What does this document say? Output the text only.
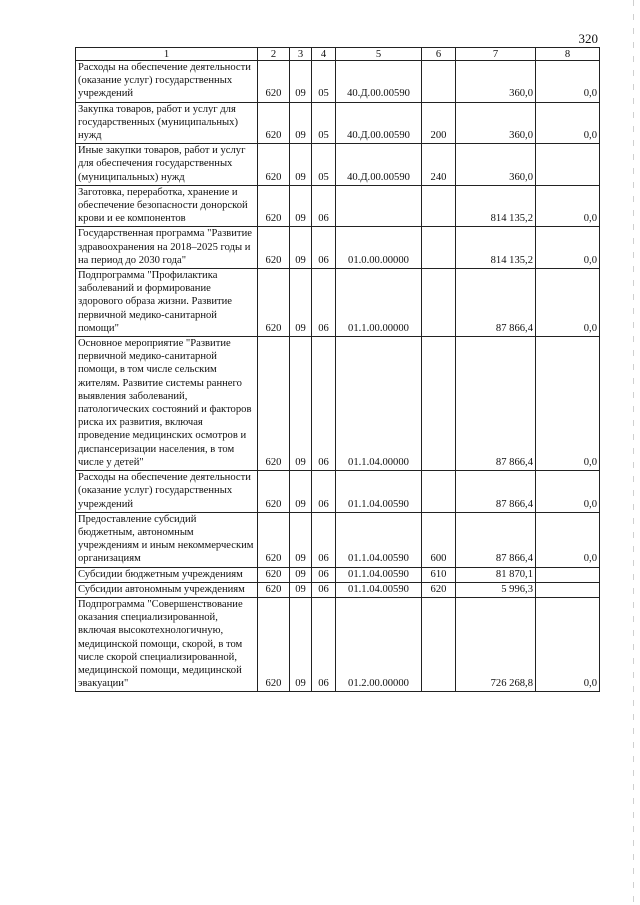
320
1	2	3	4	5	6	7	8
Расходы на обеспечение деятельности (оказание услуг) государственных учреждений	620	09	05	40.Д.00.00590		360,0	0,0
Закупка товаров, работ и услуг для государственных (муниципальных) нужд	620	09	05	40.Д.00.00590	200	360,0	0,0
Иные закупки товаров, работ и услуг для обеспечения государственных (муниципальных) нужд	620	09	05	40.Д.00.00590	240	360,0	
Заготовка, переработка, хранение и обеспечение безопасности донорской крови и ее компонентов	620	09	06			814 135,2	0,0
Государственная программа "Развитие здравоохранения на 2018–2025 годы и на период до 2030 года"	620	09	06	01.0.00.00000		814 135,2	0,0
Подпрограмма "Профилактика заболеваний и формирование здорового образа жизни. Развитие первичной медико-санитарной помощи"	620	09	06	01.1.00.00000		87 866,4	0,0
Основное мероприятие "Развитие первичной медико-санитарной помощи, в том числе сельским жителям. Развитие системы раннего выявления заболеваний, патологических состояний и факторов риска их развития, включая проведение медицинских осмотров и диспансеризации населения, в том числе у детей"	620	09	06	01.1.04.00000		87 866,4	0,0
Расходы на обеспечение деятельности (оказание услуг) государственных учреждений	620	09	06	01.1.04.00590		87 866,4	0,0
Предоставление субсидий бюджетным, автономным учреждениям и иным некоммерческим организациям	620	09	06	01.1.04.00590	600	87 866,4	0,0
Субсидии бюджетным учреждениям	620	09	06	01.1.04.00590	610	81 870,1	
Субсидии автономным учреждениям	620	09	06	01.1.04.00590	620	5 996,3	
Подпрограмма "Совершенствование оказания специализированной, включая высокотехнологичную, медицинской помощи, скорой, в том числе скорой специализированной, медицинской помощи, медицинской эвакуации"	620	09	06	01.2.00.00000		726 268,8	0,0
